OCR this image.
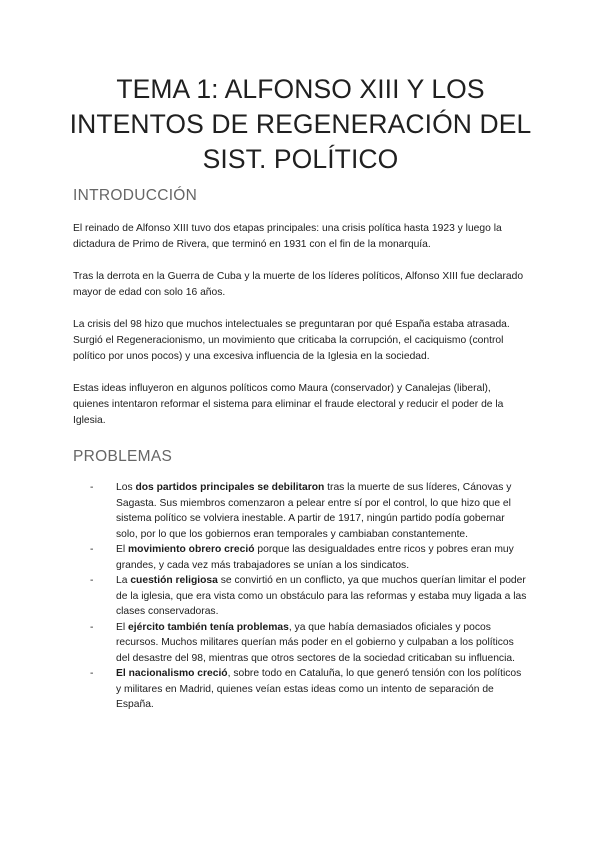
TEMA 1: ALFONSO XIII Y LOS
INTENTOS DE REGENERACIÓN DEL
SIST. POLÍTICO
INTRODUCCIÓN

El reinado de Alfonso XIII tuvo dos etapas principales: una crisis política hasta 1923 y luego la dictadura de Primo de Rivera, que terminó en 1931 con el fin de la monarquía.

Tras la derrota en la Guerra de Cuba y la muerte de los líderes políticos, Alfonso XIII fue declarado mayor de edad con solo 16 años.

La crisis del 98 hizo que muchos intelectuales se preguntaran por qué España estaba atrasada. Surgió el Regeneracionismo, un movimiento que criticaba la corrupción, el caciquismo (control político por unos pocos) y una excesiva influencia de la Iglesia en la sociedad.

Estas ideas influyeron en algunos políticos como Maura (conservador) y Canalejas (liberal), quienes intentaron reformar el sistema para eliminar el fraude electoral y reducir el poder de la Iglesia.

PROBLEMAS
- Los dos partidos principales se debilitaron tras la muerte de sus líderes, Cánovas y Sagasta. Sus miembros comenzaron a pelear entre sí por el control, lo que hizo que el sistema político se volviera inestable. A partir de 1917, ningún partido podía gobernar solo, por lo que los gobiernos eran temporales y cambiaban constantemente.
- El movimiento obrero creció porque las desigualdades entre ricos y pobres eran muy grandes, y cada vez más trabajadores se unían a los sindicatos.
- La cuestión religiosa se convirtió en un conflicto, ya que muchos querían limitar el poder de la iglesia, que era vista como un obstáculo para las reformas y estaba muy ligada a las clases conservadoras.
- El ejército también tenía problemas, ya que había demasiados oficiales y pocos recursos. Muchos militares querían más poder en el gobierno y culpaban a los políticos del desastre del 98, mientras que otros sectores de la sociedad criticaban su influencia.
- El nacionalismo creció, sobre todo en Cataluña, lo que generó tensión con los políticos y militares en Madrid, quienes veían estas ideas como un intento de separación de España.
